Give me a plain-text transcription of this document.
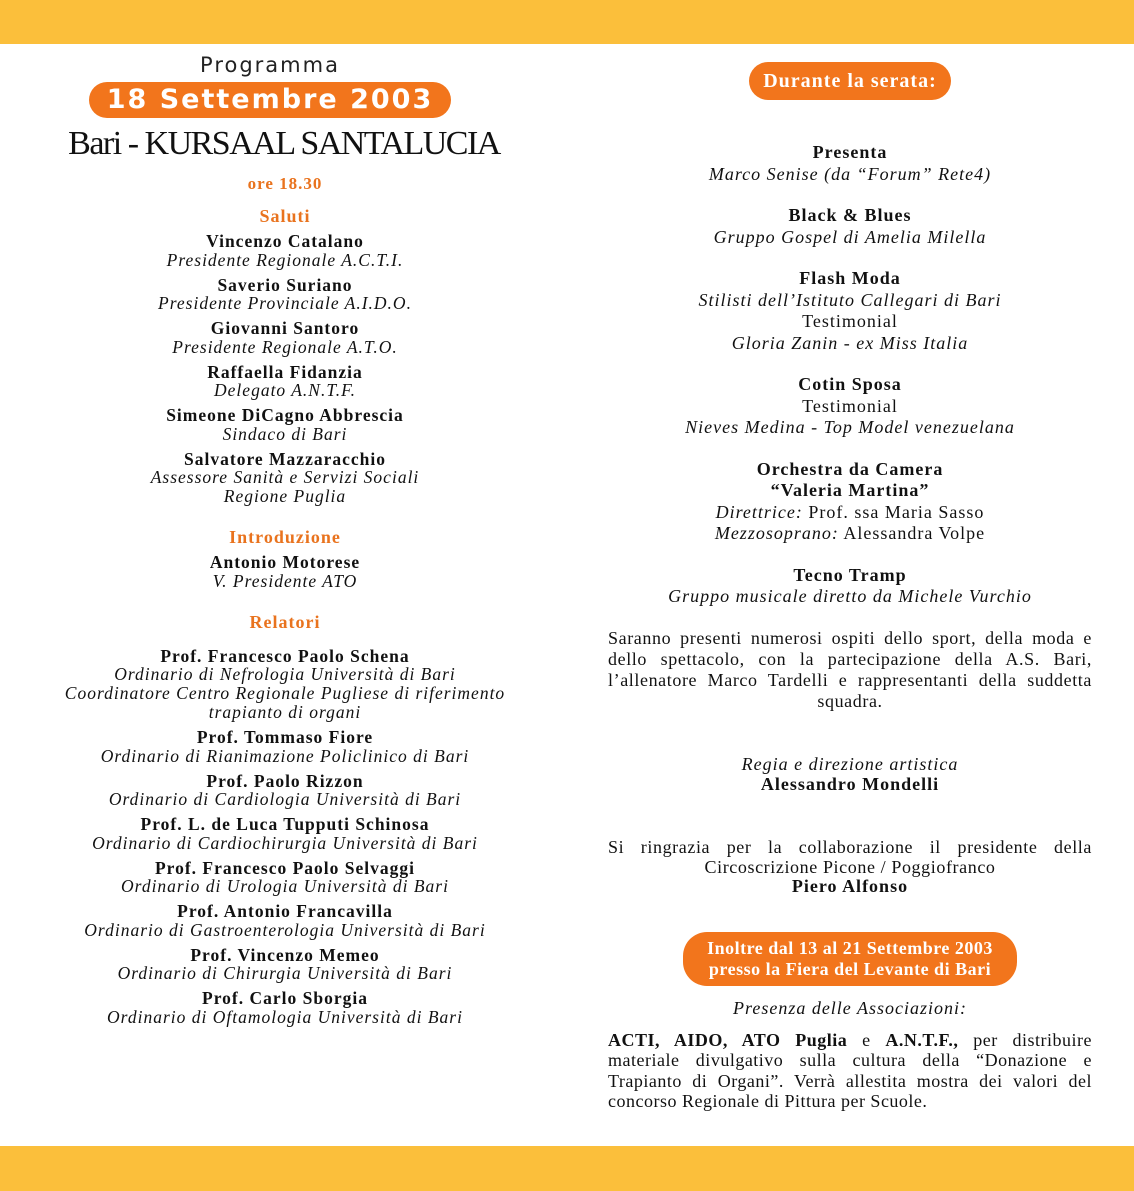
Programma
18 Settembre 2003
Bari - KURSAAL SANTALUCIA
ore 18.30
Saluti
Vincenzo Catalano
Presidente Regionale A.C.T.I.
Saverio Suriano
Presidente Provinciale A.I.D.O.
Giovanni Santoro
Presidente Regionale A.T.O.
Raffaella Fidanzia
Delegato A.N.T.F.
Simeone DiCagno Abbrescia
Sindaco di Bari
Salvatore Mazzaracchio
Assessore Sanità e Servizi Sociali
Regione Puglia
Introduzione
Antonio Motorese
V. Presidente ATO
Relatori
Prof. Francesco Paolo Schena
Ordinario di Nefrologia Università di Bari
Coordinatore Centro Regionale Pugliese di riferimento
trapianto di organi
Prof. Tommaso Fiore
Ordinario di Rianimazione Policlinico di Bari
Prof. Paolo Rizzon
Ordinario di Cardiologia Università di Bari
Prof. L. de Luca Tupputi Schinosa
Ordinario di Cardiochirurgia Università di Bari
Prof. Francesco Paolo Selvaggi
Ordinario di Urologia Università di Bari
Prof. Antonio Francavilla
Ordinario di Gastroenterologia Università di Bari
Prof. Vincenzo Memeo
Ordinario di Chirurgia Università di Bari
Prof. Carlo Sborgia
Ordinario di Oftamologia Università di Bari
Durante la serata:
Presenta
Marco Senise (da “Forum” Rete4)
Black & Blues
Gruppo Gospel di Amelia Milella
Flash Moda
Stilisti dell’Istituto Callegari di Bari
Testimonial
Gloria Zanin - ex Miss Italia
Cotin Sposa
Testimonial
Nieves Medina - Top Model venezuelana
Orchestra da Camera
“Valeria Martina”
Direttrice: Prof. ssa Maria Sasso
Mezzosoprano: Alessandra Volpe
Tecno Tramp
Gruppo musicale diretto da Michele Vurchio
Saranno presenti numerosi ospiti dello sport, della moda e dello spettacolo, con la partecipazione della A.S. Bari, l’allenatore Marco Tardelli e rappresentanti della suddetta squadra.
Regia e direzione artistica
Alessandro Mondelli
Si ringrazia per la collaborazione il presidente della Circoscrizione Picone / Poggiofranco
Piero Alfonso
Inoltre dal 13 al 21 Settembre 2003
presso la Fiera del Levante di Bari
Presenza delle Associazioni:
ACTI, AIDO, ATO Puglia e A.N.T.F., per distribuire materiale divulgativo sulla cultura della “Donazione e Trapianto di Organi”. Verrà allestita mostra dei valori del concorso Regionale di Pittura per Scuole.
